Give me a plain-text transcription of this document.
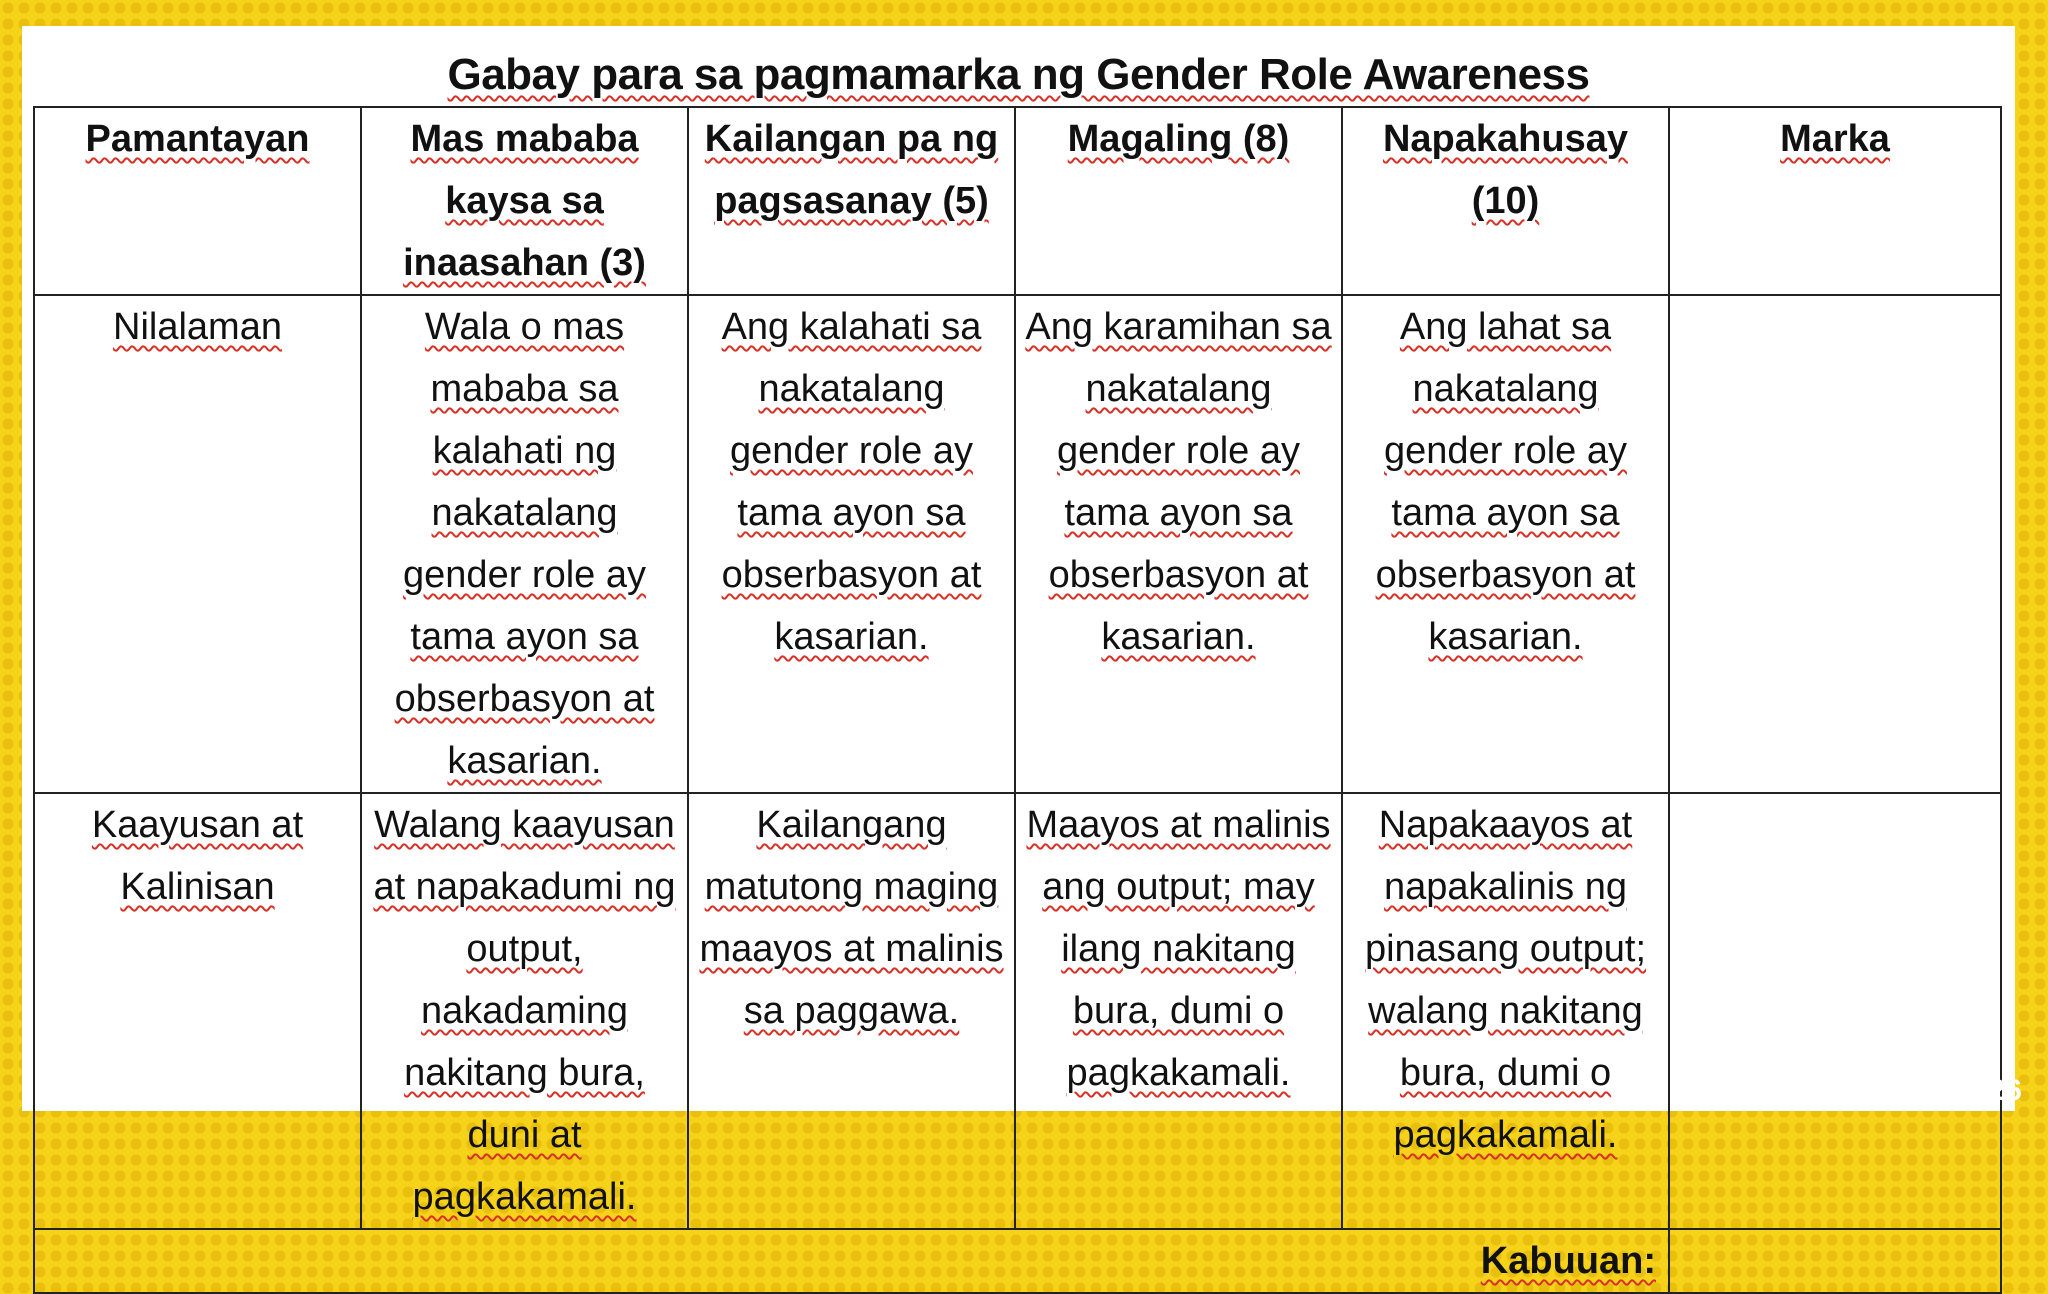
Gabay para sa pagmamarka ng Gender Role Awareness
Pamantayan	Mas mababa kaysa sa inaasahan (3)	Kailangan pa ng pagsasanay (5)	Magaling (8)	Napakahusay (10)	Marka
Nilalaman	Wala o mas mababa sa kalahati ng nakatalang gender role ay tama ayon sa obserbasyon at kasarian.	Ang kalahati sa nakatalang gender role ay tama ayon sa obserbasyon at kasarian.	Ang karamihan sa nakatalang gender role ay tama ayon sa obserbasyon at kasarian.	Ang lahat sa nakatalang gender role ay tama ayon sa obserbasyon at kasarian.	
Kaayusan at Kalinisan	Walang kaayusan at napakadumi ng output, nakadaming nakitang bura, duni at pagkakamali.	Kailangang matutong maging maayos at malinis sa paggawa.	Maayos at malinis ang output; may ilang nakitang bura, dumi o pagkakamali.	Napakaayos at napakalinis ng pinasang output; walang nakitang bura, dumi o pagkakamali.	
Kabuuan:					
26
